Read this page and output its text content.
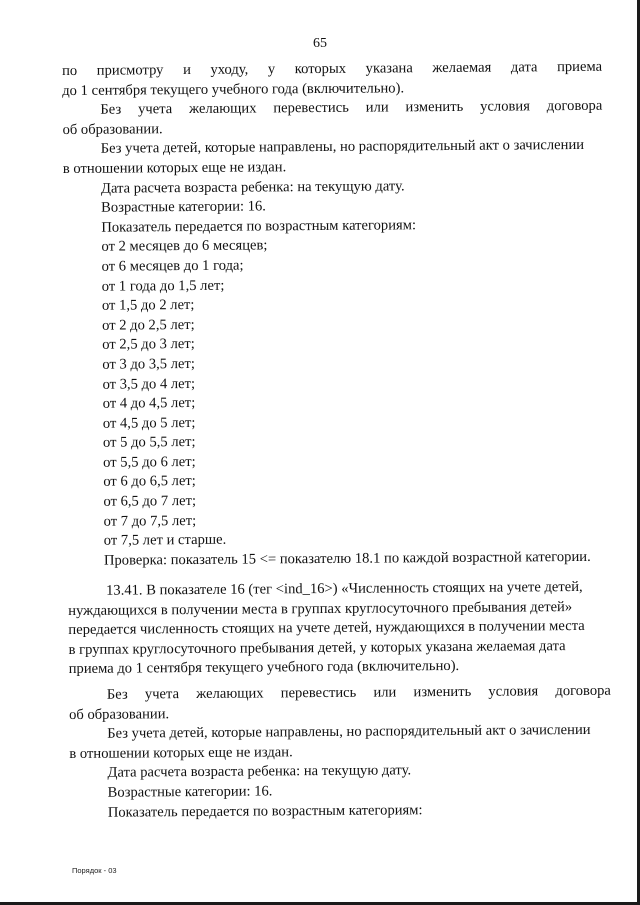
65
по присмотру и уходу, у которых указана желаемая дата приема
до 1 сентября текущего учебного года (включительно).
Без учета желающих перевестись или изменить условия договора
об образовании.
Без учета детей, которые направлены, но распорядительный акт о зачислении
в отношении которых еще не издан.
Дата расчета возраста ребенка: на текущую дату.
Возрастные категории: 16.
Показатель передается по возрастным категориям:
от 2 месяцев до 6 месяцев;
от 6 месяцев до 1 года;
от 1 года до 1,5 лет;
от 1,5 до 2 лет;
от 2 до 2,5 лет;
от 2,5 до 3 лет;
от 3 до 3,5 лет;
от 3,5 до 4 лет;
от 4 до 4,5 лет;
от 4,5 до 5 лет;
от 5 до 5,5 лет;
от 5,5 до 6 лет;
от 6 до 6,5 лет;
от 6,5 до 7 лет;
от 7 до 7,5 лет;
от 7,5 лет и старше.
Проверка: показатель 15 <= показателю 18.1 по каждой возрастной категории.
13.41. В показателе 16 (тег <ind_16>) «Численность стоящих на учете детей,
нуждающихся в получении места в группах круглосуточного пребывания детей»
передается численность стоящих на учете детей, нуждающихся в получении места
в группах круглосуточного пребывания детей, у которых указана желаемая дата
приема до 1 сентября текущего учебного года (включительно).
Без учета желающих перевестись или изменить условия договора
об образовании.
Без учета детей, которые направлены, но распорядительный акт о зачислении
в отношении которых еще не издан.
Дата расчета возраста ребенка: на текущую дату.
Возрастные категории: 16.
Показатель передается по возрастным категориям:
Порядок - 03
